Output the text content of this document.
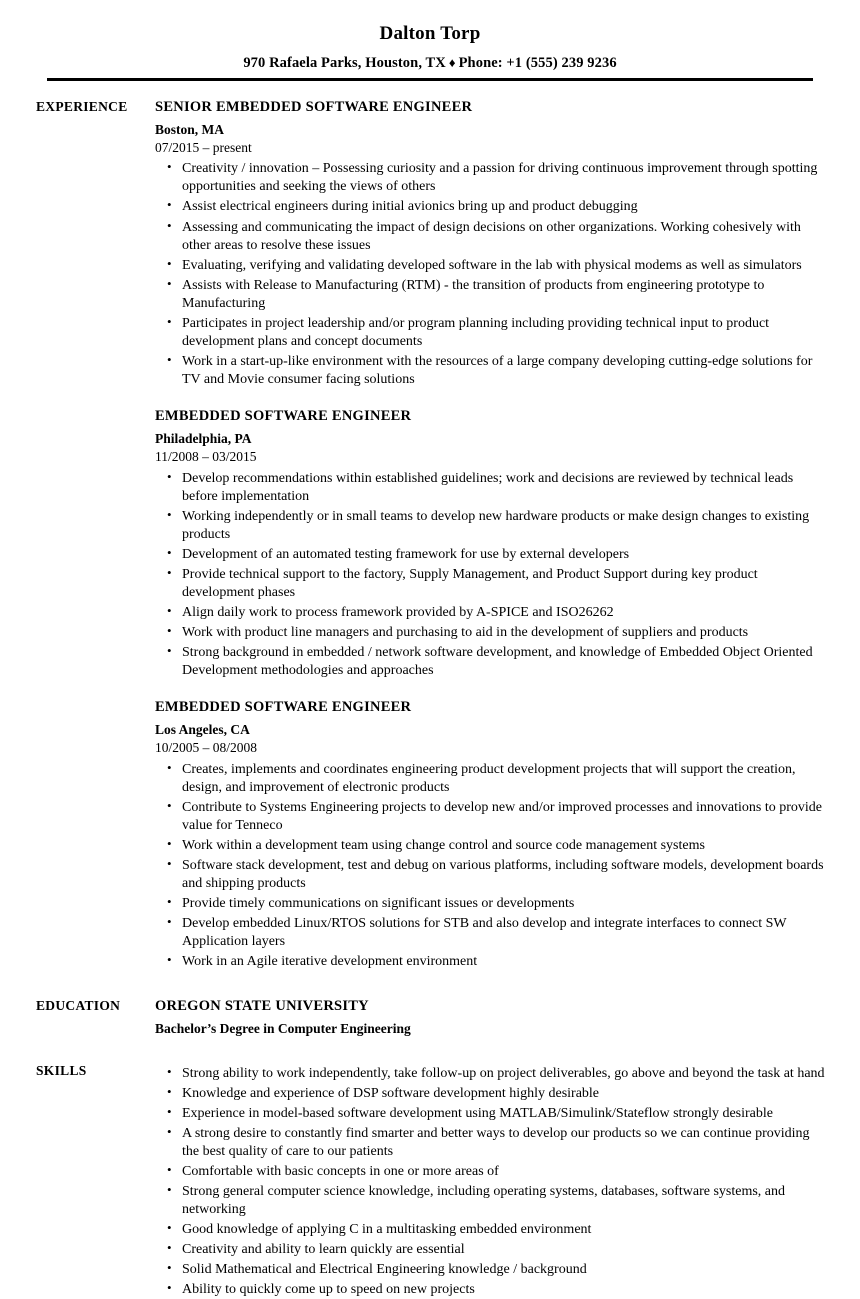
Dalton Torp
970 Rafaela Parks, Houston, TX ♦ Phone: +1 (555) 239 9236
EXPERIENCE	SENIOR EMBEDDED SOFTWARE ENGINEER
Boston, MA
07/2015 – present
• Creativity / innovation – Possessing curiosity and a passion for driving continuous improvement through spotting opportunities and seeking the views of others
• Assist electrical engineers during initial avionics bring up and product debugging
• Assessing and communicating the impact of design decisions on other organizations. Working cohesively with other areas to resolve these issues
• Evaluating, verifying and validating developed software in the lab with physical modems as well as simulators
• Assists with Release to Manufacturing (RTM) - the transition of products from engineering prototype to Manufacturing
• Participates in project leadership and/or program planning including providing technical input to product development plans and concept documents
• Work in a start-up-like environment with the resources of a large company developing cutting-edge solutions for TV and Movie consumer facing solutions
EMBEDDED SOFTWARE ENGINEER
Philadelphia, PA
11/2008 – 03/2015
• Develop recommendations within established guidelines; work and decisions are reviewed by technical leads before implementation
• Working independently or in small teams to develop new hardware products or make design changes to existing products
• Development of an automated testing framework for use by external developers
• Provide technical support to the factory, Supply Management, and Product Support during key product development phases
• Align daily work to process framework provided by A-SPICE and ISO26262
• Work with product line managers and purchasing to aid in the development of suppliers and products
• Strong background in embedded / network software development, and knowledge of Embedded Object Oriented Development methodologies and approaches
EMBEDDED SOFTWARE ENGINEER
Los Angeles, CA
10/2005 – 08/2008
• Creates, implements and coordinates engineering product development projects that will support the creation, design, and improvement of electronic products
• Contribute to Systems Engineering projects to develop new and/or improved processes and innovations to provide value for Tenneco
• Work within a development team using change control and source code management systems
• Software stack development, test and debug on various platforms, including software models, development boards and shipping products
• Provide timely communications on significant issues or developments
• Develop embedded Linux/RTOS solutions for STB and also develop and integrate interfaces to connect SW Application layers
• Work in an Agile iterative development environment
EDUCATION	OREGON STATE UNIVERSITY
Bachelor’s Degree in Computer Engineering
SKILLS	• Strong ability to work independently, take follow-up on project deliverables, go above and beyond the task at hand
• Knowledge and experience of DSP software development highly desirable
• Experience in model-based software development using MATLAB/Simulink/Stateflow strongly desirable
• A strong desire to constantly find smarter and better ways to develop our products so we can continue providing the best quality of care to our patients
• Comfortable with basic concepts in one or more areas of
• Strong general computer science knowledge, including operating systems, databases, software systems, and networking
• Good knowledge of applying C in a multitasking embedded environment
• Creativity and ability to learn quickly are essential
• Solid Mathematical and Electrical Engineering knowledge / background
• Ability to quickly come up to speed on new projects
